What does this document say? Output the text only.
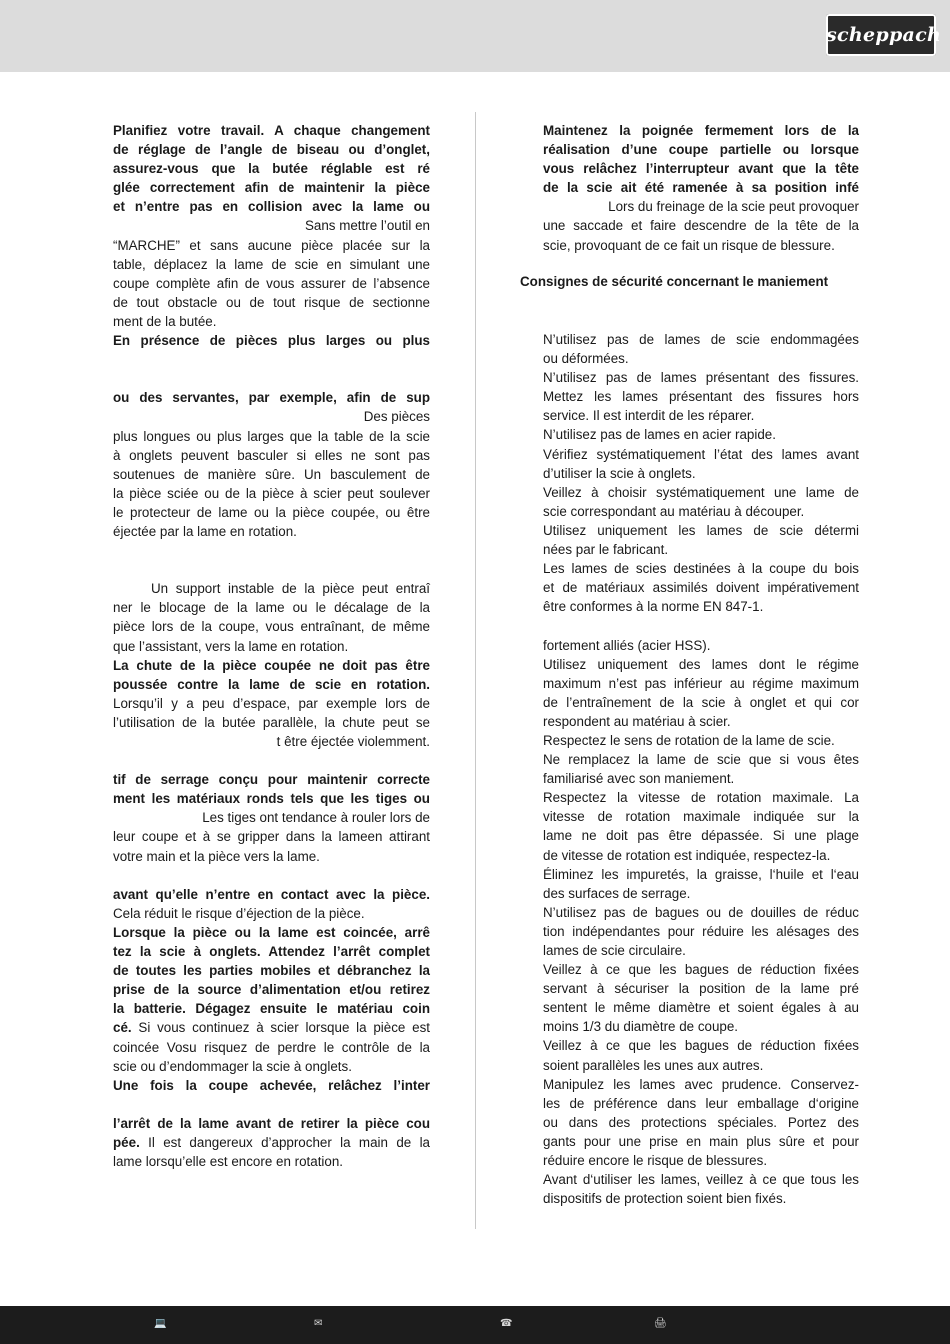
scheppach

Planifiez votre travail. A chaque changement

de réglage de l’angle de biseau ou d’onglet,

assurez-vous que la butée réglable est ré

glée correctement afin de maintenir la pièce

et n’entre pas en collision avec la lame ou

Sans mettre l’outil en

“MARCHE” et sans aucune pièce placée sur la

table, déplacez la lame de scie en simulant une

coupe complète afin de vous assurer de l’absence

de tout obstacle ou de tout risque de sectionne

ment de la butée.

En présence de pièces plus larges ou plus

ou des servantes, par exemple, afin de sup

Des pièces

plus longues ou plus larges que la table de la scie

à onglets peuvent basculer si elles ne sont pas

soutenues de manière sûre. Un basculement de

la pièce sciée ou de la pièce à scier peut soulever

le protecteur de lame ou la pièce coupée, ou être

éjectée par la lame en rotation.

Un support instable de la pièce peut entraî

ner le blocage de la lame ou le décalage de la

pièce lors de la coupe, vous entraînant, de même

que l’assistant, vers la lame en rotation.

La chute de la pièce coupée ne doit pas être

poussée contre la lame de scie en rotation.

Lorsqu’il y a peu d’espace, par exemple lors de

l’utilisation de la butée parallèle, la chute peut se

t être éjectée violemment.

tif de serrage conçu pour maintenir correcte

ment les matériaux ronds tels que les tiges ou

Les tiges ont tendance à rouler lors de

leur coupe et à se gripper dans la lameen attirant

votre main et la pièce vers la lame.

avant qu’elle n’entre en contact avec la pièce.

Cela réduit le risque d’éjection de la pièce.

Lorsque la pièce ou la lame est coincée, arrê

tez la scie à onglets. Attendez l’arrêt complet

de toutes les parties mobiles et débranchez la

prise de la source d’alimentation et/ou retirez

la batterie. Dégagez ensuite le matériau coin

cé. Si vous continuez à scier lorsque la pièce est

coincée Vosu risquez de perdre le contrôle de la

scie ou d’endommager la scie à onglets.

Une fois la coupe achevée, relâchez l’inter

l’arrêt de la lame avant de retirer la pièce cou

pée. Il est dangereux d’approcher la main de la

lame lorsqu’elle est encore en rotation.

Maintenez la poignée fermement lors de la

réalisation d’une coupe partielle ou lorsque

vous relâchez l’interrupteur avant que la tête

de la scie ait été ramenée à sa position infé

Lors du freinage de la scie peut provoquer

une saccade et faire descendre de la tête de la

scie, provoquant de ce fait un risque de blessure.

Consignes de sécurité concernant le maniement

N’utilisez pas de lames de scie endommagées

ou déformées.

N’utilisez pas de lames présentant des fissures.

Mettez les lames présentant des fissures hors

service. Il est interdit de les réparer.

N’utilisez pas de lames en acier rapide.

Vérifiez systématiquement l’état des lames avant

d’utiliser la scie à onglets.

Veillez à choisir systématiquement une lame de

scie correspondant au matériau à découper.

Utilisez uniquement les lames de scie détermi

nées par le fabricant.

Les lames de scies destinées à la coupe du bois

et de matériaux assimilés doivent impérativement

être conformes à la norme EN 847-1.

fortement alliés (acier HSS).

Utilisez uniquement des lames dont le régime

maximum n’est pas inférieur au régime maximum

de l’entraînement de la scie à onglet et qui cor

respondent au matériau à scier.

Respectez le sens de rotation de la lame de scie.

Ne remplacez la lame de scie que si vous êtes

familiarisé avec son maniement.

Respectez la vitesse de rotation maximale. La

vitesse de rotation maximale indiquée sur la

lame ne doit pas être dépassée. Si une plage

de vitesse de rotation est indiquée, respectez-la.

Éliminez les impuretés, la graisse, l‘huile et l‘eau

des surfaces de serrage.

N’utilisez pas de bagues ou de douilles de réduc

tion indépendantes pour réduire les alésages des

lames de scie circulaire.

Veillez à ce que les bagues de réduction fixées

servant à sécuriser la position de la lame pré

sentent le même diamètre et soient égales à au

moins 1/3 du diamètre de coupe.

Veillez à ce que les bagues de réduction fixées

soient parallèles les unes aux autres.

Manipulez les lames avec prudence. Conservez-

les de préférence dans leur emballage d‘origine

ou dans des protections spéciales. Portez des

gants pour une prise en main plus sûre et pour

réduire encore le risque de blessures.

Avant d‘utiliser les lames, veillez à ce que tous les

dispositifs de protection soient bien fixés.

💻	✉	☎	🖨
